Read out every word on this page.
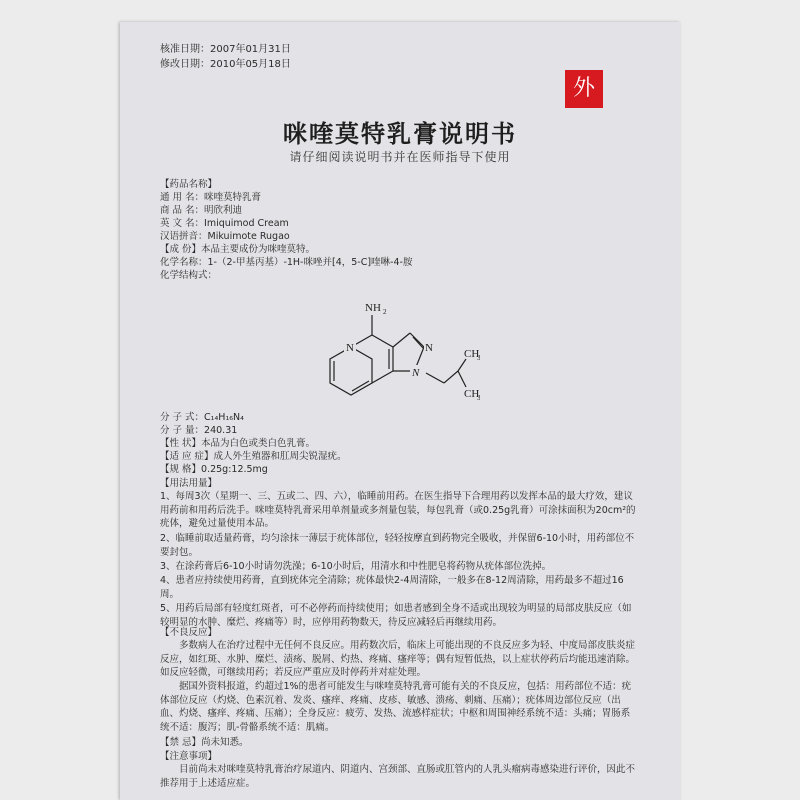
核准日期：2007年01月31日
修改日期：2010年05月18日
外
咪喹莫特乳膏说明书
请仔细阅读说明书并在医师指导下使用
【药品名称】
通 用 名：咪喹莫特乳膏
商 品 名：明欣利迪
英 文 名：Imiquimod Cream
汉语拼音：Mikuimote Rugao
【成 份】本品主要成份为咪喹莫特。
化学名称：1-（2-甲基丙基）-1H-咪唑并[4，5-C]喹啉-4-胺
化学结构式：
NH 2
N	N
N
CH
3
CH
3
分 子 式：C₁₄H₁₆N₄
分 子 量：240.31
【性 状】本品为白色或类白色乳膏。
【适 应 症】成人外生殖器和肛周尖锐湿疣。
【规 格】0.25g:12.5mg
【用法用量】
1、每周3次（星期一、三、五或二、四、六），临睡前用药。在医生指导下合理用药以发挥本品的最大疗效，建议用药前和用药后洗手。咪喹莫特乳膏采用单剂量或多剂量包装，每包乳膏（或0.25g乳膏）可涂抹面积为20cm²的疣体，避免过量使用本品。
2、临睡前取适量药膏，均匀涂抹一薄层于疣体部位，轻轻按摩直到药物完全吸收，并保留6-10小时，用药部位不要封包。
3、在涂药膏后6-10小时请勿洗澡；6-10小时后，用清水和中性肥皂将药物从疣体部位洗掉。
4、患者应持续使用药膏，直到疣体完全清除；疣体最快2-4周清除，一般多在8-12周清除，用药最多不超过16周。
5、用药后局部有轻度红斑者，可不必停药而持续使用；如患者感到全身不适或出现较为明显的局部皮肤反应（如较明显的水肿、糜烂、疼痛等）时，应停用药物数天，待反应减轻后再继续用药。
【不良反应】
多数病人在治疗过程中无任何不良反应。用药数次后，临床上可能出现的不良反应多为轻、中度局部皮肤炎症反应，如红斑、水肿、糜烂、渍疡、脱屑、灼热、疼痛、瘙痒等；偶有短暂低热，以上症状停药后均能迅速消除。如反应轻微，可继续用药；若反应严重应及时停药并对症处理。
据国外资料报道，约超过1%的患者可能发生与咪喹莫特乳膏可能有关的不良反应，包括：用药部位不适：疣体部位反应（灼烧、色素沉着、发炎、瘙痒、疼痛、皮疹、敏感、溃疡、刺痛、压痛）；疣体周边部位反应（出血、灼烧、瘙痒、疼痛、压痛）；全身反应：疲劳、发热、流感样症状；中枢和周围神经系统不适：头痛；胃肠系统不适：腹泻；肌-骨骼系统不适：肌痛。
【禁 忌】尚未知悉。
【注意事项】
目前尚未对咪喹莫特乳膏治疗尿道内、阴道内、宫颈部、直肠或肛管内的人乳头瘤病毒感染进行评价，因此不推荐用于上述适应症。
